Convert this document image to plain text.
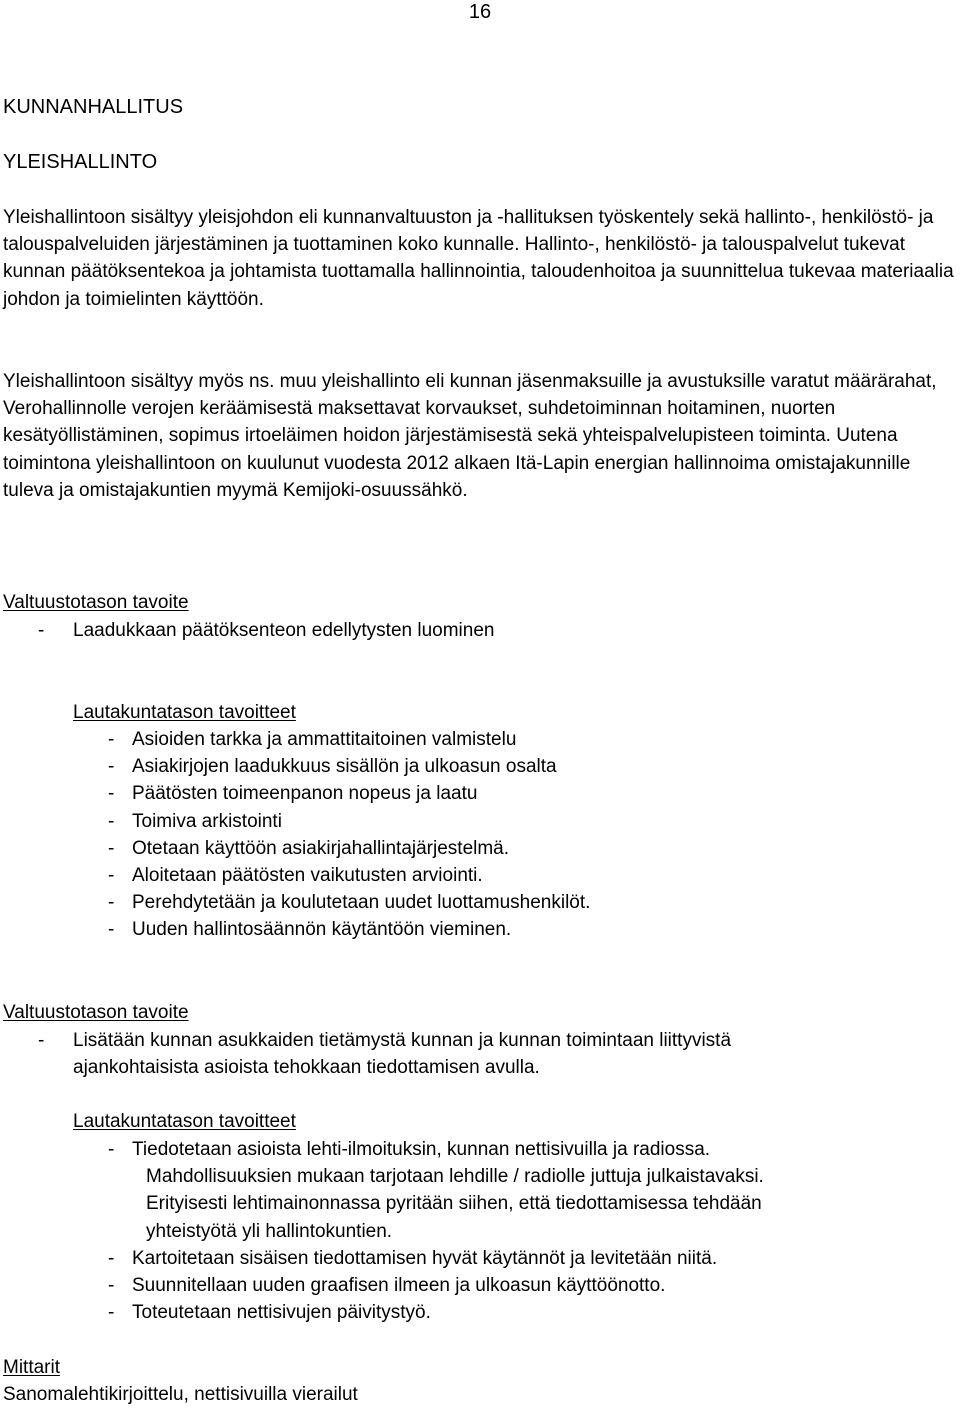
16
KUNNANHALLITUS
YLEISHALLINTO

Yleishallintoon sisältyy yleisjohdon eli kunnanvaltuuston ja -hallituksen työskentely sekä hallinto-, henkilöstö- ja talouspalveluiden järjestäminen ja tuottaminen koko kunnalle. Hallinto-, henkilöstö- ja talouspalvelut tukevat kunnan päätöksentekoa ja johtamista tuottamalla hallinnointia, taloudenhoitoa ja suunnittelua tukevaa materiaalia johdon ja toimielinten käyttöön.

Yleishallintoon sisältyy myös ns. muu yleishallinto eli kunnan jäsenmaksuille ja avustuksille varatut määrärahat, Verohallinnolle verojen keräämisestä maksettavat korvaukset, suhdetoiminnan hoitaminen, nuorten kesätyöllistäminen, sopimus irtoeläimen hoidon järjestämisestä sekä yhteispalvelupisteen toiminta. Uutena toimintona yleishallintoon on kuulunut vuodesta 2012 alkaen Itä-Lapin energian hallinnoima omistajakunnille tuleva ja omistajakuntien myymä Kemijoki-osuussähkö.

Valtuustotason tavoite
- Laadukkaan päätöksenteon edellytysten luominen
Lautakuntatason tavoitteet
- Asioiden tarkka ja ammattitaitoinen valmistelu
- Asiakirjojen laadukkuus sisällön ja ulkoasun osalta
- Päätösten toimeenpanon nopeus ja laatu
- Toimiva arkistointi
- Otetaan käyttöön asiakirjahallintajärjestelmä.
- Aloitetaan päätösten vaikutusten arviointi.
- Perehdytetään ja koulutetaan uudet luottamushenkilöt.
- Uuden hallintosäännön käytäntöön vieminen.
Valtuustotason tavoite
- Lisätään kunnan asukkaiden tietämystä kunnan ja kunnan toimintaan liittyvistä
ajankohtaisista asioista tehokkaan tiedottamisen avulla.
Lautakuntatason tavoitteet
- Tiedotetaan asioista lehti-ilmoituksin, kunnan nettisivuilla ja radiossa.
Mahdollisuuksien mukaan tarjotaan lehdille / radiolle juttuja julkaistavaksi.
Erityisesti lehtimainonnassa pyritään siihen, että tiedottamisessa tehdään
yhteistyötä yli hallintokuntien.
- Kartoitetaan sisäisen tiedottamisen hyvät käytännöt ja levitetään niitä.
- Suunnitellaan uuden graafisen ilmeen ja ulkoasun käyttöönotto.
- Toteutetaan nettisivujen päivitystyö.
Mittarit
Sanomalehtikirjoittelu, nettisivuilla vierailut
